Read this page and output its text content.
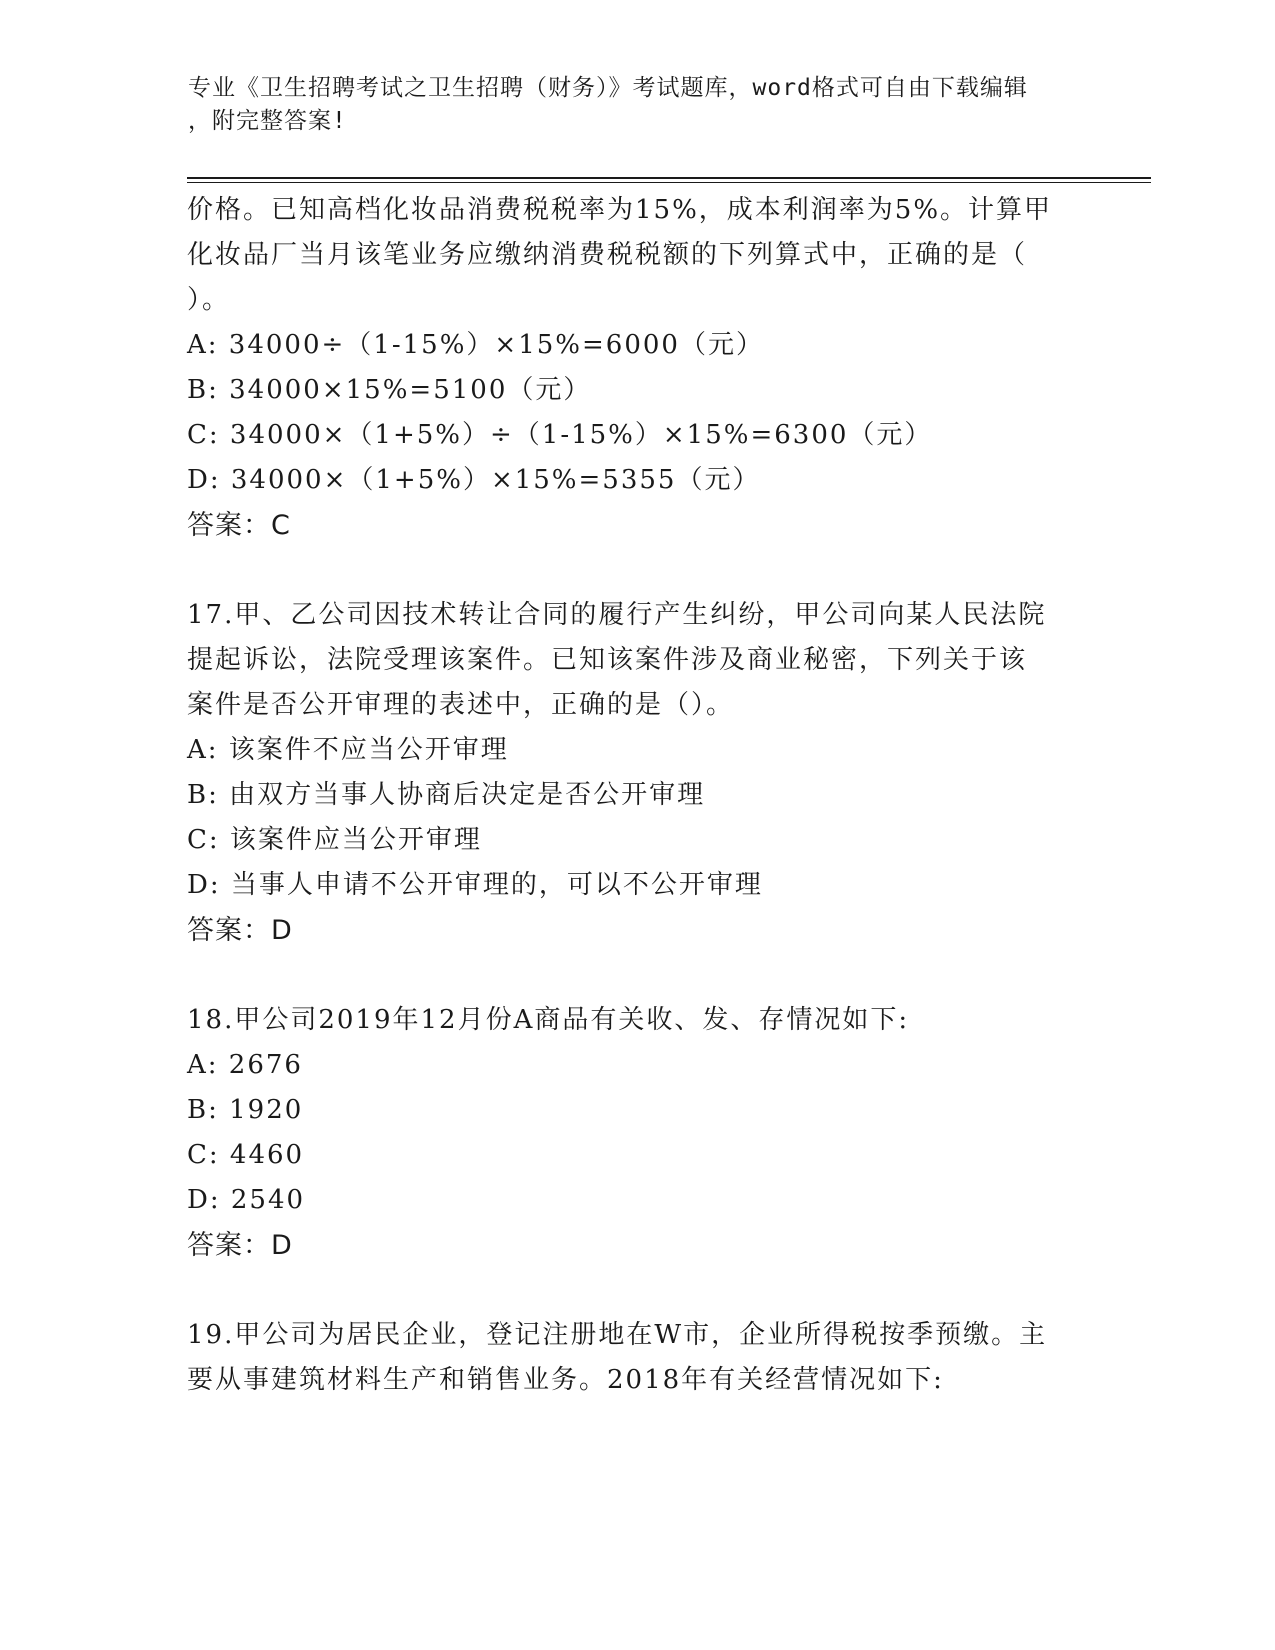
专业《卫生招聘考试之卫生招聘（财务）》考试题库，word格式可自由下载编辑
，附完整答案!
价格。已知高档化妆品消费税税率为15%，成本利润率为5%。计算甲
化妆品厂当月该笔业务应缴纳消费税税额的下列算式中，正确的是（
）。
A: 34000÷（1-15%）×15%=6000（元）
B: 34000×15%=5100（元）
C: 34000×（1+5%）÷（1-15%）×15%=6300（元）
D: 34000×（1+5%）×15%=5355（元）
答案：C
17.甲、乙公司因技术转让合同的履行产生纠纷，甲公司向某人民法院
提起诉讼，法院受理该案件。已知该案件涉及商业秘密，下列关于该
案件是否公开审理的表述中，正确的是（）。
A: 该案件不应当公开审理
B: 由双方当事人协商后决定是否公开审理
C: 该案件应当公开审理
D: 当事人申请不公开审理的，可以不公开审理
答案：D
18.甲公司2019年12月份A商品有关收、发、存情况如下:
A: 2676
B: 1920
C: 4460
D: 2540
答案：D
19.甲公司为居民企业，登记注册地在W市，企业所得税按季预缴。主
要从事建筑材料生产和销售业务。2018年有关经营情况如下:
